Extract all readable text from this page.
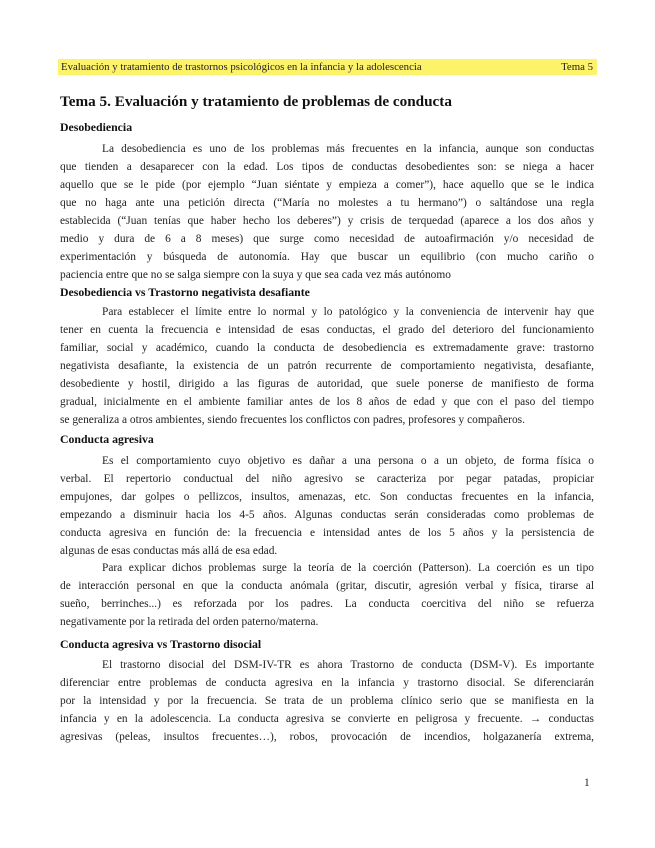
Evaluación y tratamiento de trastornos psicológicos en la infancia y la adolescencia	Tema 5
Tema 5. Evaluación y tratamiento de problemas de conducta
Desobediencia
La desobediencia es uno de los problemas más frecuentes en la infancia, aunque son conductas
que tienden a desaparecer con la edad. Los tipos de conductas desobedientes son: se niega a hacer
aquello que se le pide (por ejemplo “Juan siéntate y empieza a comer”), hace aquello que se le indica
que no haga ante una petición directa (“María no molestes a tu hermano”) o saltándose una regla
establecida (“Juan tenías que haber hecho los deberes”) y crisis de terquedad (aparece a los dos años y
medio y dura de 6 a 8 meses) que surge como necesidad de autoafirmación y/o necesidad de
experimentación y búsqueda de autonomía. Hay que buscar un equilibrio (con mucho cariño o
paciencia entre que no se salga siempre con la suya y que sea cada vez más autónomo
Desobediencia vs Trastorno negativista desafiante
Para establecer el límite entre lo normal y lo patológico y la conveniencia de intervenir hay que
tener en cuenta la frecuencia e intensidad de esas conductas, el grado del deterioro del funcionamiento
familiar, social y académico, cuando la conducta de desobediencia es extremadamente grave: trastorno
negativista desafiante, la existencia de un patrón recurrente de comportamiento negativista, desafiante,
desobediente y hostil, dirigido a las figuras de autoridad, que suele ponerse de manifiesto de forma
gradual, inicialmente en el ambiente familiar antes de los 8 años de edad y que con el paso del tiempo
se generaliza a otros ambientes, siendo frecuentes los conflictos con padres, profesores y compañeros.
Conducta agresiva
Es el comportamiento cuyo objetivo es dañar a una persona o a un objeto, de forma física o
verbal. El repertorio conductual del niño agresivo se caracteriza por pegar patadas, propiciar
empujones, dar golpes o pellizcos, insultos, amenazas, etc. Son conductas frecuentes en la infancia,
empezando a disminuir hacia los 4-5 años. Algunas conductas serán consideradas como problemas de
conducta agresiva en función de: la frecuencia e intensidad antes de los 5 años y la persistencia de
algunas de esas conductas más allá de esa edad.
Para explicar dichos problemas surge la teoría de la coerción (Patterson). La coerción es un tipo
de interacción personal en que la conducta anómala (gritar, discutir, agresión verbal y física, tirarse al
sueño, berrinches...) es reforzada por los padres. La conducta coercitiva del niño se refuerza
negativamente por la retirada del orden paterno/materna.
Conducta agresiva vs Trastorno disocial
El trastorno disocial del DSM-IV-TR es ahora Trastorno de conducta (DSM-V). Es importante
diferenciar entre problemas de conducta agresiva en la infancia y trastorno disocial. Se diferenciarán
por la intensidad y por la frecuencia. Se trata de un problema clínico serio que se manifiesta en la
infancia y en la adolescencia. La conducta agresiva se convierte en peligrosa y frecuente. → conductas
agresivas (peleas, insultos frecuentes…), robos, provocación de incendios, holgazanería extrema,
1
